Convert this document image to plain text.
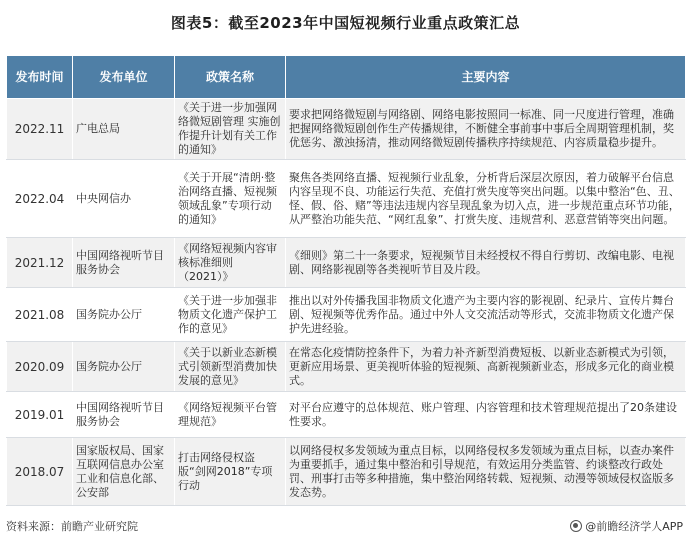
图表5：截至2023年中国短视频行业重点政策汇总
发布时间	发布单位	政策名称	主要内容
2022.11	广电总局	《关于进一步加强网络微短剧管理 实施创作提升计划有关工作的通知》	要求把网络微短剧与网络剧、网络电影按照同一标准、同一尺度进行管理，准确把握网络微短剧创作生产传播规律，不断健全事前事中事后全周期管理机制，奖优惩劣、激浊扬清，推动网络微短剧传播秩序持续规范、内容质量稳步提升。
2022.04	中央网信办	《关于开展“清朗·整治网络直播、短视频领域乱象”专项行动的通知》	聚焦各类网络直播、短视频行业乱象，分析背后深层次原因，着力破解平台信息内容呈现不良、功能运行失范、充值打赏失度等突出问题。以集中整治“色、丑、怪、假、俗、赌”等违法违规内容呈现乱象为切入点，进一步规范重点环节功能，从严整治功能失范、“网红乱象”、打赏失度、违规营利、恶意营销等突出问题。
2021.12	中国网络视听节目服务协会	《网络短视频内容审核标准细则（2021）》	《细则》第二十一条要求，短视频节目未经授权不得自行剪切、改编电影、电视剧、网络影视剧等各类视听节目及片段。
2021.08	国务院办公厅	《关于进一步加强非物质文化遗产保护工作的意见》	推出以对外传播我国非物质文化遗产为主要内容的影视剧、纪录片、宣传片舞台剧、短视频等优秀作品。通过中外人文交流活动等形式，交流非物质文化遗产保护先进经验。
2020.09	国务院办公厅	《关于以新业态新模式引领新型消费加快发展的意见》	在常态化疫情防控条件下，为着力补齐新型消费短板、以新业态新模式为引领，更新应用场景、更美视听体验的短视频、高新视频新业态，形成多元化的商业模式。
2019.01	中国网络视听节目服务协会	《网络短视频平台管理规范》	对平台应遵守的总体规范、账户管理、内容管理和技术管理规范提出了20条建设性要求。
2018.07	国家版权局、国家互联网信息办公室工业和信息化部、公安部	打击网络侵权盗版“剑网2018”专项行动	以网络侵权多发领域为重点目标，以网络侵权多发领域为重点目标，以查办案件为重要抓手，通过集中整治和引导规范，有效运用分类监管、约谈整改行政处罚、刑事打击等多种措施，集中整治网络转载、短视频、动漫等领域侵权盗版多发态势。
资料来源：前瞻产业研究院	@前瞻经济学人APP
